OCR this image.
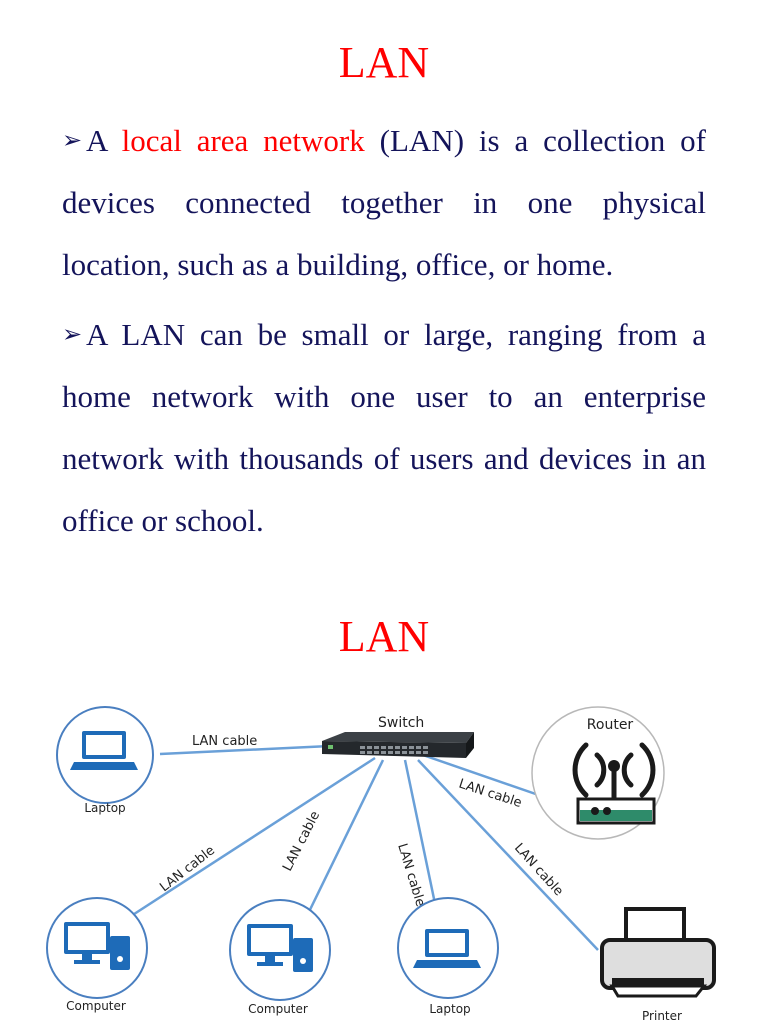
LAN

➢ A local area network (LAN) is a collection of devices connected together in one physical location, such as a building, office, or home.

➢ A LAN can be small or large, ranging from a home network with one user to an enterprise network with thousands of users and devices in an office or school.

LAN
LAN cable
LAN cable
LAN cable	LAN cable
LAN cable	LAN cable
Switch
Laptop
Router
Computer	Computer	Laptop	Printer
